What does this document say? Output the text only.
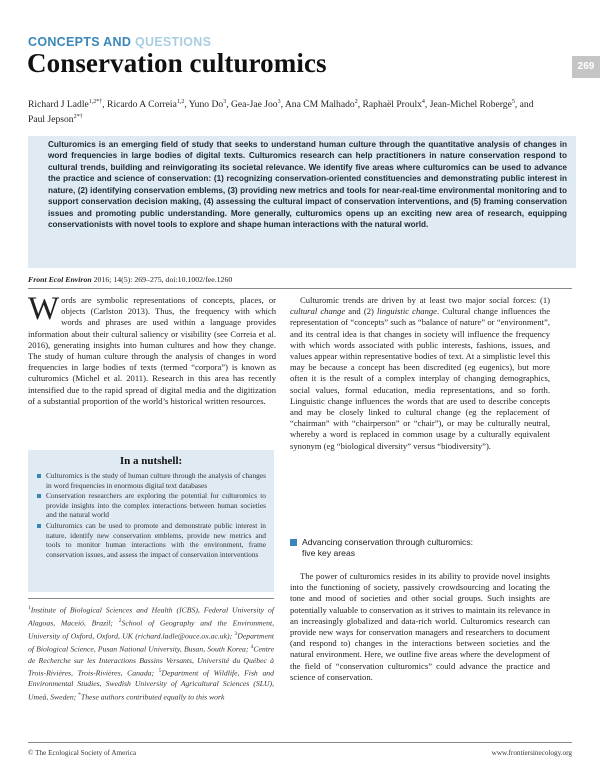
CONCEPTS AND QUESTIONS
269
Conservation culturomics
Richard J Ladle$^{1,2*\dagger}$, Ricardo A Correia$^{1,2}$, Yuno Do$^3$, Gea-Jae Joo$^3$, Ana CM Malhado$^2$, Raphaël Proulx$^4$, Jean-Michel Roberge$^5$, and Paul Jepson$^{2*\dagger}$
Culturomics is an emerging field of study that seeks to understand human culture through the quantitative analysis of changes in word frequencies in large bodies of digital texts. Culturomics research can help practitioners in nature conservation respond to cultural trends, building and reinvigorating its societal relevance. We identify five areas where culturomics can be used to advance the practice and science of conservation: (1) recognizing conservation-oriented constituencies and demonstrating public interest in nature, (2) identifying conservation emblems, (3) providing new metrics and tools for near-real-time environmental monitoring and to support conservation decision making, (4) assessing the cultural impact of conservation interventions, and (5) framing conservation issues and promoting public understanding. More generally, culturomics opens up an exciting new area of research, equipping conservationists with novel tools to explore and shape human interactions with the natural world.
Front Ecol Environ 2016; 14(5): 269–275, doi:10.1002/fee.1260

Words are symbolic representations of concepts, places, or objects (Carlston 2013). Thus, the frequency with which words and phrases are used within a language provides information about their cultural saliency or visibility (see Correia et al. 2016), generating insights into human cultures and how they change. The study of human culture through the analysis of changes in word frequencies in large bodies of texts (termed “corpora”) is known as culturomics (Michel et al. 2011). Research in this area has recently intensified due to the rapid spread of digital media and the digitization of a substantial proportion of the world’s historical written resources.

In a nutshell:
Culturomics is the study of human culture through the analysis of changes in word frequencies in enormous digital text databases
Conservation researchers are exploring the potential for culturomics to provide insights into the complex interactions between human societies and the natural world
Culturomics can be used to promote and demonstrate public interest in nature, identify new conservation emblems, provide new metrics and tools to monitor human interactions with the environment, frame conservation issues, and assess the impact of conservation interventions
$^1$Institute of Biological Sciences and Health (ICBS), Federal University of Alagoas, Maceió, Brazil; $^2$School of Geography and the Environment, University of Oxford, Oxford, UK (richard.ladle@ouce.ox.ac.uk); $^3$Department of Biological Science, Pusan National University, Busan, South Korea; $^4$Centre de Recherche sur les Interactions Bassins Versants, Université du Québec à Trois-Rivières, Trois-Rivières, Canada; $^5$Department of Wildlife, Fish and Environmental Studies, Swedish University of Agricultural Sciences (SLU), Umeå, Sweden; *These authors contributed equally to this work

Culturomic trends are driven by at least two major social forces: (1) cultural change and (2) linguistic change. Cultural change influences the representation of “concepts” such as “balance of nature” or “environment”, and its central idea is that changes in society will influence the frequency with which words associated with public interests, fashions, issues, and values appear within representative bodies of text. At a simplistic level this may be because a concept has been discredited (eg eugenics), but more often it is the result of a complex interplay of changing demographics, social values, formal education, media representations, and so forth. Linguistic change influences the words that are used to describe concepts and may be closely linked to cultural change (eg the replacement of “chairman” with “chairperson” or “chair”), or may be culturally neutral, whereby a word is replaced in common usage by a culturally equivalent synonym (eg “biological diversity” versus “biodiversity”).

Advancing conservation through culturomics:
five key areas

The power of culturomics resides in its ability to provide novel insights into the functioning of society, passively crowdsourcing and locating the tone and mood of societies and other social groups. Such insights are potentially valuable to conservation as it strives to maintain its relevance in an increasingly globalized and data-rich world. Culturomics research can provide new ways for conservation managers and researchers to document (and respond to) changes in the interactions between societies and the natural environment. Here, we outline five areas where the development of the field of “conservation culturomics” could advance the practice and science of conservation.

© The Ecological Society of America	www.frontiersinecology.org
